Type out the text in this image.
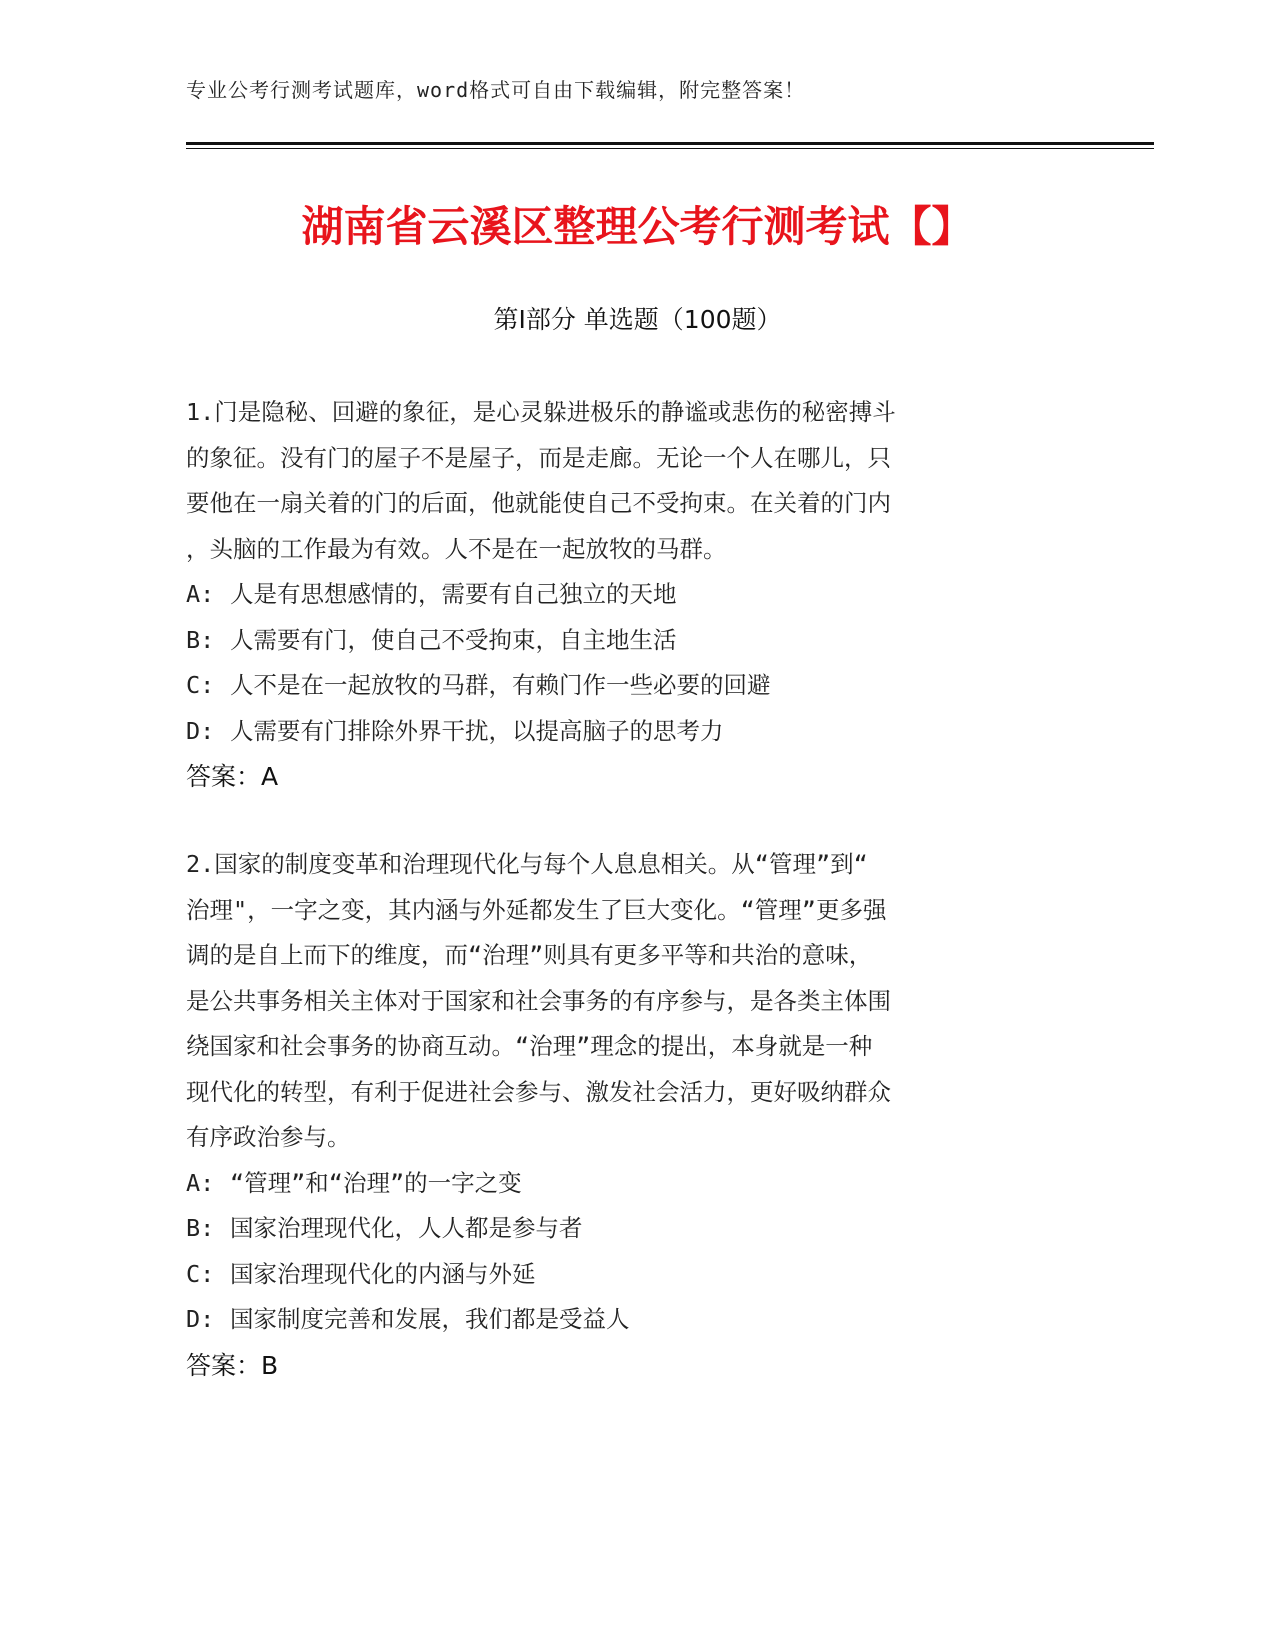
专业公考行测考试题库，word格式可自由下载编辑，附完整答案！
湖南省云溪区整理公考行测考试【】
第Ⅰ部分 单选题（100题）
1.门是隐秘、回避的象征，是心灵躲进极乐的静谧或悲伤的秘密搏斗
的象征。没有门的屋子不是屋子，而是走廊。无论一个人在哪儿，只
要他在一扇关着的门的后面，他就能使自己不受拘束。在关着的门内
，头脑的工作最为有效。人不是在一起放牧的马群。
A: 人是有思想感情的，需要有自己独立的天地
B: 人需要有门，使自己不受拘束，自主地生活
C: 人不是在一起放牧的马群，有赖门作一些必要的回避
D: 人需要有门排除外界干扰，以提高脑子的思考力
答案：A
2.国家的制度变革和治理现代化与每个人息息相关。从“管理”到“
治理"，一字之变，其内涵与外延都发生了巨大变化。“管理”更多强
调的是自上而下的维度，而“治理”则具有更多平等和共治的意味，
是公共事务相关主体对于国家和社会事务的有序参与，是各类主体围
绕国家和社会事务的协商互动。“治理”理念的提出，本身就是一种
现代化的转型，有利于促进社会参与、激发社会活力，更好吸纳群众
有序政治参与。
A: “管理”和“治理”的一字之变
B: 国家治理现代化，人人都是参与者
C: 国家治理现代化的内涵与外延
D: 国家制度完善和发展，我们都是受益人
答案：B
